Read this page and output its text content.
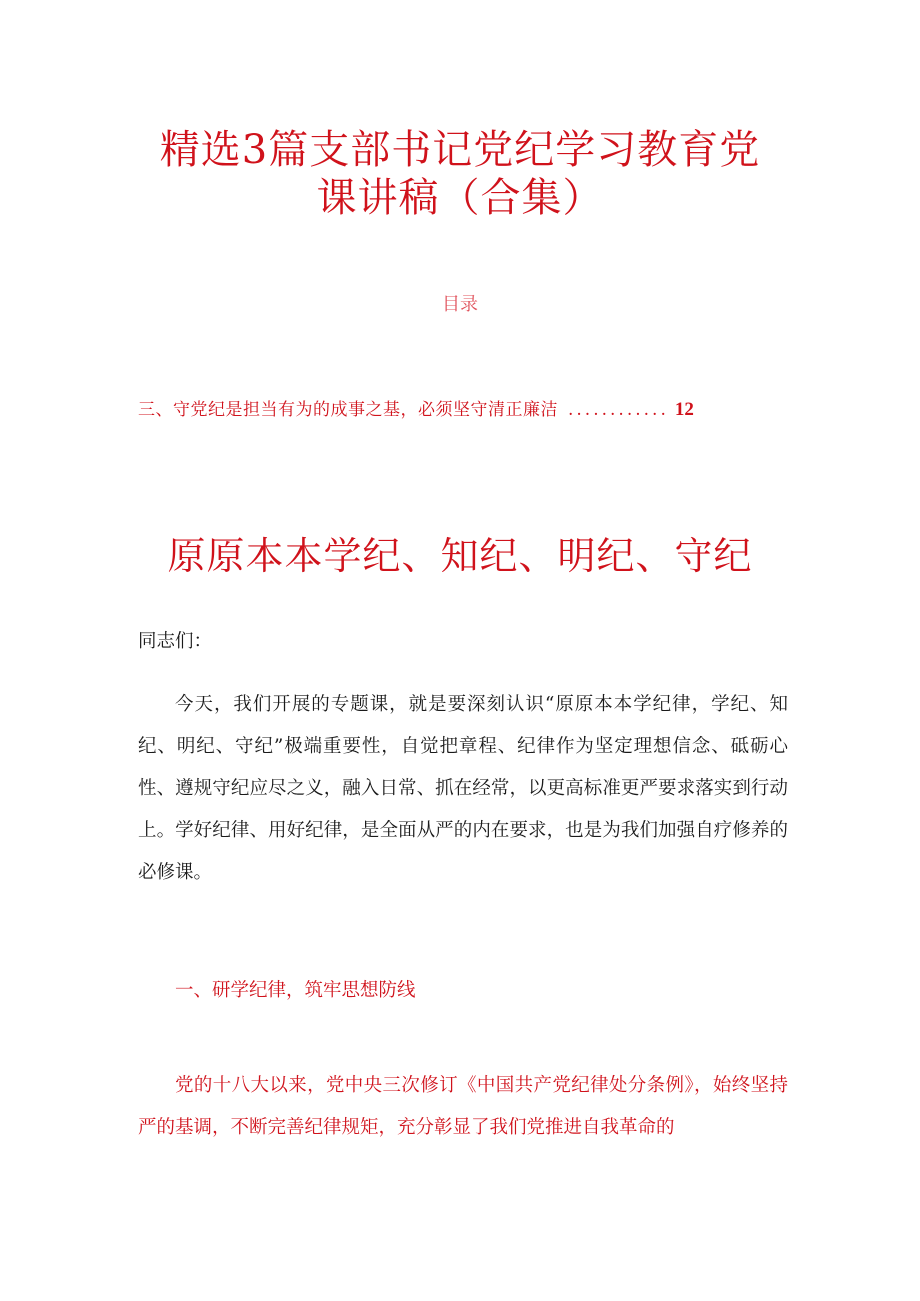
精选3篇支部书记党纪学习教育党
课讲稿（合集）
目录
三、守党纪是担当有为的成事之基，必须坚守清正廉洁 ............ 12
原原本本学纪、知纪、明纪、守纪
同志们：
今天，我们开展的专题课，就是要深刻认识“原原本本学纪律，学纪、知纪、明纪、守纪”极端重要性，自觉把章程、纪律作为坚定理想信念、砥砺心性、遵规守纪应尽之义，融入日常、抓在经常，以更高标准更严要求落实到行动上。学好纪律、用好纪律，是全面从严的内在要求，也是为我们加强自疗修养的必修课。
一、研学纪律，筑牢思想防线
党的十八大以来，党中央三次修订《中国共产党纪律处分条例》，始终坚持严的基调，不断完善纪律规矩，充分彰显了我们党推进自我革命的
